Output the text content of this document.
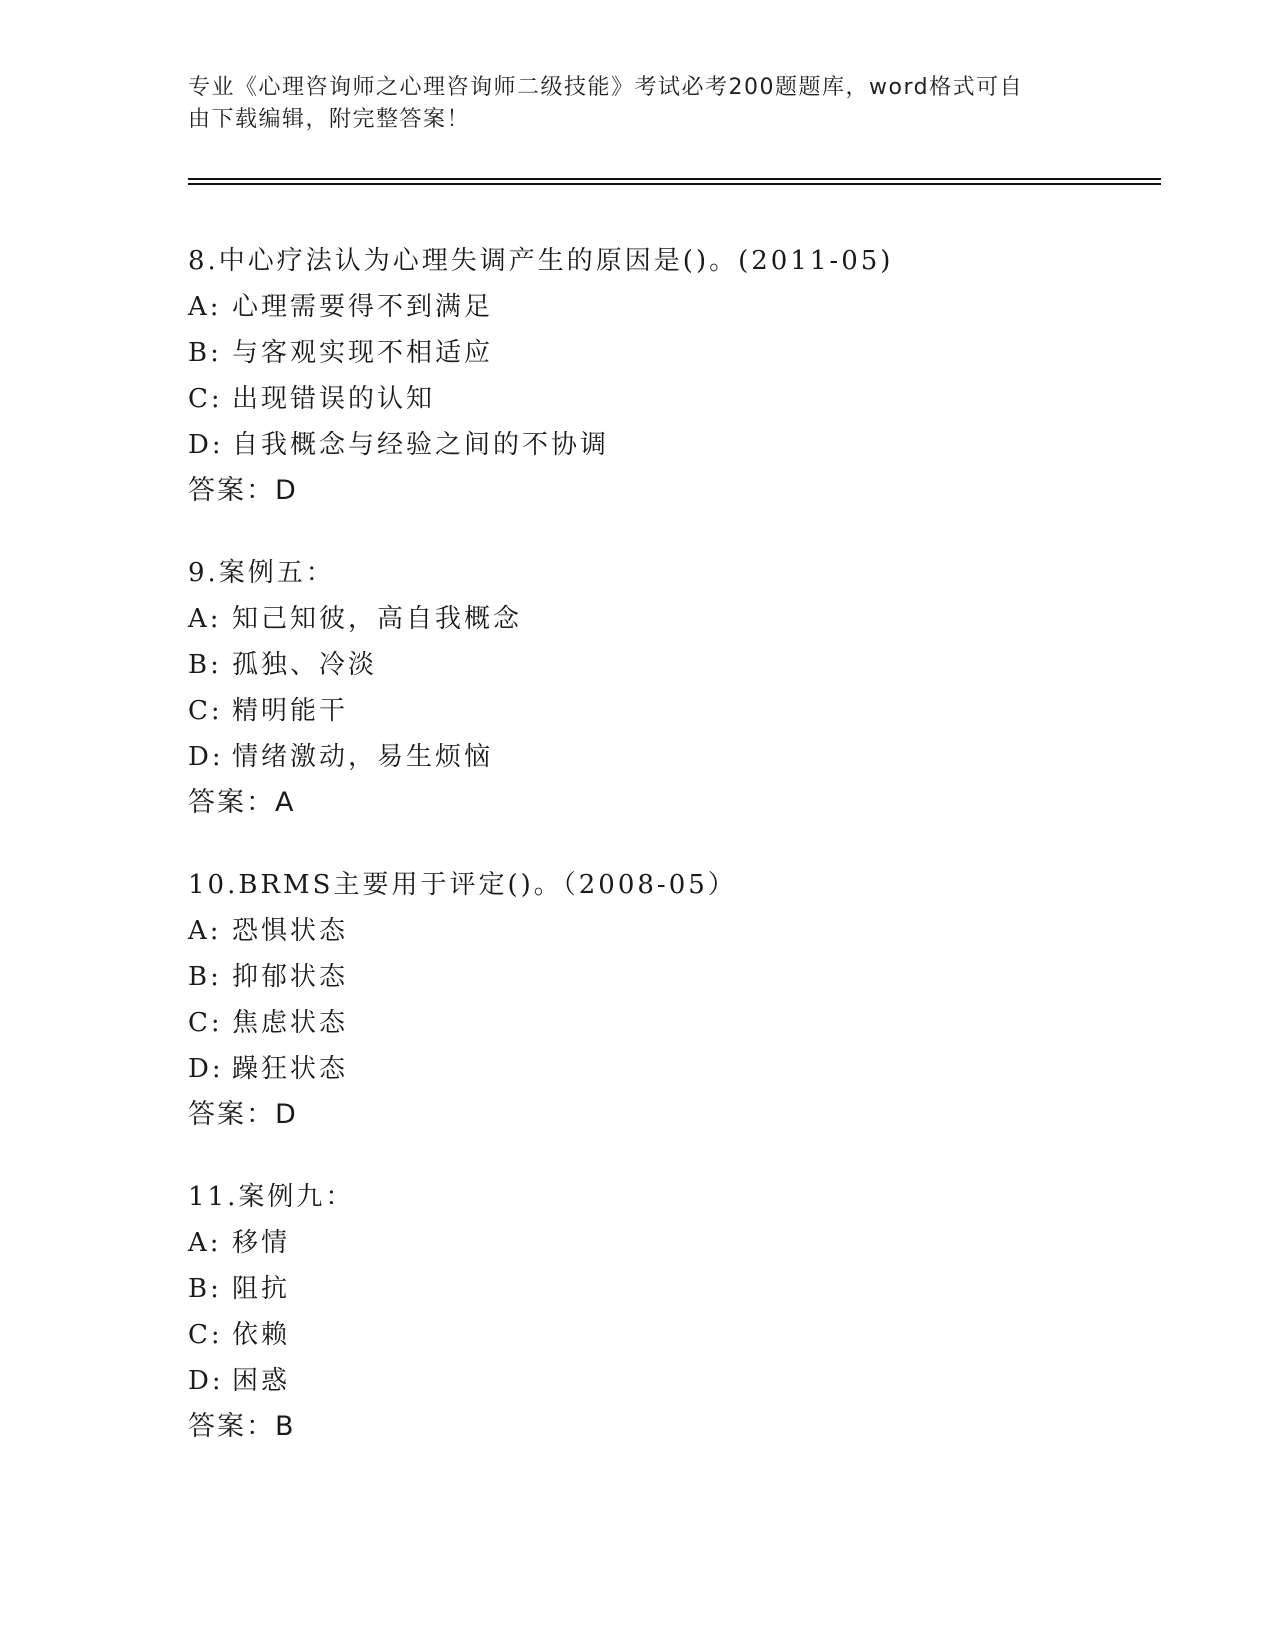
专业《心理咨询师之心理咨询师二级技能》考试必考200题题库，word格式可自
由下载编辑，附完整答案！
8.中心疗法认为心理失调产生的原因是()。(2011-05)
A: 心理需要得不到满足
B: 与客观实现不相适应
C: 出现错误的认知
D: 自我概念与经验之间的不协调
答案：D
9.案例五：
A: 知己知彼，高自我概念
B: 孤独、冷淡
C: 精明能干
D: 情绪激动，易生烦恼
答案：A
10.BRMS主要用于评定()。（2008-05）
A: 恐惧状态
B: 抑郁状态
C: 焦虑状态
D: 躁狂状态
答案：D
11.案例九：
A: 移情
B: 阻抗
C: 依赖
D: 困惑
答案：B
